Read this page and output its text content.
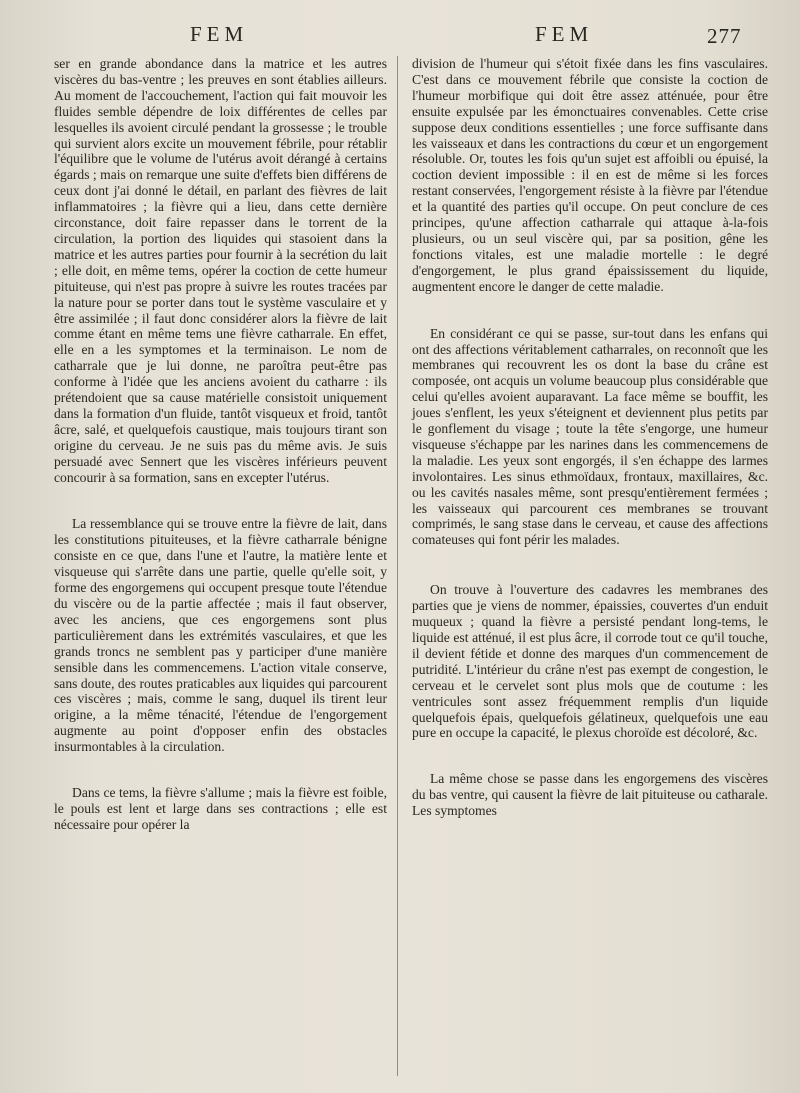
FEM	FEM	277

ser en grande abondance dans la matrice et les autres viscères du bas-ventre ; les preuves en sont établies ailleurs. Au moment de l'accouchement, l'action qui fait mouvoir les fluides semble dépendre de loix différentes de celles par lesquelles ils avoient circulé pendant la grossesse ; le trouble qui survient alors excite un mouvement fébrile, pour rétablir l'équilibre que le volume de l'utérus avoit dérangé à certains égards ; mais on remarque une suite d'effets bien différens de ceux dont j'ai donné le détail, en parlant des fièvres de lait inflammatoires ; la fièvre qui a lieu, dans cette dernière circonstance, doit faire repasser dans le torrent de la circulation, la portion des liquides qui stasoient dans la matrice et les autres parties pour fournir à la secrétion du lait ; elle doit, en même tems, opérer la coction de cette humeur pituiteuse, qui n'est pas propre à suivre les routes tracées par la nature pour se porter dans tout le système vasculaire et y être assimilée ; il faut donc considérer alors la fièvre de lait comme étant en même tems une fièvre catharrale. En effet, elle en a les symptomes et la terminaison. Le nom de catharrale que je lui donne, ne paroîtra peut-être pas conforme à l'idée que les anciens avoient du catharre : ils prétendoient que sa cause matérielle consistoit uniquement dans la formation d'un fluide, tantôt visqueux et froid, tantôt âcre, salé, et quelquefois caustique, mais toujours tirant son origine du cerveau. Je ne suis pas du même avis. Je suis persuadé avec Sennert que les viscères inférieurs peuvent concourir à sa formation, sans en excepter l'utérus.

La ressemblance qui se trouve entre la fièvre de lait, dans les constitutions pituiteuses, et la fièvre catharrale bénigne consiste en ce que, dans l'une et l'autre, la matière lente et visqueuse qui s'arrête dans une partie, quelle qu'elle soit, y forme des engorgemens qui occupent presque toute l'étendue du viscère ou de la partie affectée ; mais il faut observer, avec les anciens, que ces engorgemens sont plus particulièrement dans les extrémités vasculaires, et que les grands troncs ne semblent pas y participer d'une manière sensible dans les commencemens. L'action vitale conserve, sans doute, des routes praticables aux liquides qui parcourent ces viscères ; mais, comme le sang, duquel ils tirent leur origine, a la même ténacité, l'étendue de l'engorgement augmente au point d'opposer enfin des obstacles insurmontables à la circulation.

Dans ce tems, la fièvre s'allume ; mais la fièvre est foible, le pouls est lent et large dans ses contractions ; elle est nécessaire pour opérer la

division de l'humeur qui s'étoit fixée dans les fins vasculaires. C'est dans ce mouvement fébrile que consiste la coction de l'humeur morbifique qui doit être assez atténuée, pour être ensuite expulsée par les émonctuaires convenables. Cette crise suppose deux conditions essentielles ; une force suffisante dans les vaisseaux et dans les contractions du cœur et un engorgement résoluble. Or, toutes les fois qu'un sujet est affoibli ou épuisé, la coction devient impossible : il en est de même si les forces restant conservées, l'engorgement résiste à la fièvre par l'étendue et la quantité des parties qu'il occupe. On peut conclure de ces principes, qu'une affection catharrale qui attaque à-la-fois plusieurs, ou un seul viscère qui, par sa position, gêne les fonctions vitales, est une maladie mortelle : le degré d'engorgement, le plus grand épaississement du liquide, augmentent encore le danger de cette maladie.

En considérant ce qui se passe, sur-tout dans les enfans qui ont des affections véritablement catharrales, on reconnoît que les membranes qui recouvrent les os dont la base du crâne est composée, ont acquis un volume beaucoup plus considérable que celui qu'elles avoient auparavant. La face même se bouffit, les joues s'enflent, les yeux s'éteignent et deviennent plus petits par le gonflement du visage ; toute la tête s'engorge, une humeur visqueuse s'échappe par les narines dans les commencemens de la maladie. Les yeux sont engorgés, il s'en échappe des larmes involontaires. Les sinus ethmoïdaux, frontaux, maxillaires, &c. ou les cavités nasales même, sont presqu'entièrement fermées ; les vaisseaux qui parcourent ces membranes se trouvant comprimés, le sang stase dans le cerveau, et cause des affections comateuses qui font périr les malades.

On trouve à l'ouverture des cadavres les membranes des parties que je viens de nommer, épaissies, couvertes d'un enduit muqueux ; quand la fièvre a persisté pendant long-tems, le liquide est atténué, il est plus âcre, il corrode tout ce qu'il touche, il devient fétide et donne des marques d'un commencement de putridité. L'intérieur du crâne n'est pas exempt de congestion, le cerveau et le cervelet sont plus mols que de coutume : les ventricules sont assez fréquemment remplis d'un liquide quelquefois épais, quelquefois gélatineux, quelquefois une eau pure en occupe la capacité, le plexus choroïde est décoloré, &c.

La même chose se passe dans les engorgemens des viscères du bas ventre, qui causent la fièvre de lait pituiteuse ou catharale. Les symptomes
